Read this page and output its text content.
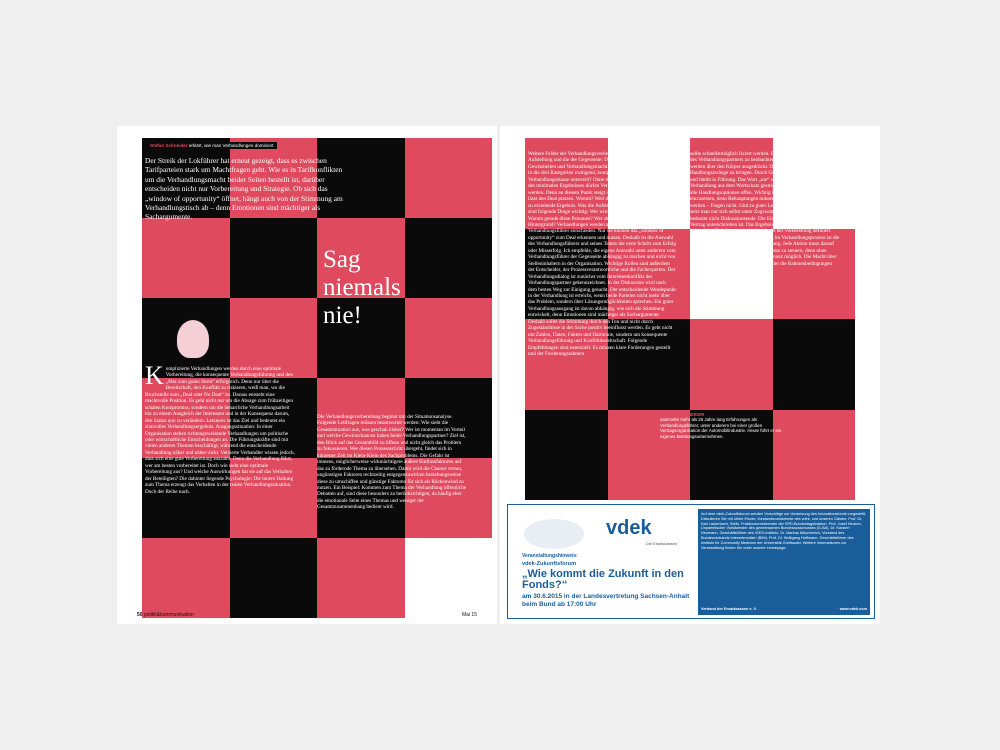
Stefan Schneider erklärt, wie man Verhandlungen dominiert
Der Streik der Lokführer hat erneut gezeigt, dass es zwischen Tarifparteien stark um Machtfragen geht. Wie es in Tarifkonflikten um die Verhandlungsmacht beider Seiten bestellt ist, darüber entscheiden nicht nur Vorbereitung und Strategie. Ob sich das „window of opportunity“ öffnet, hängt auch von der Stimmung am Verhandlungstisch ab – denn Emotionen sind mächtiger als Sachargumente.
Sag
niemals
nie!
Komplizierte Verhandlungen werden durch eine optimale Vorbereitung, die konsequente Verhandlungsführung und den „Mut zum guten Streit“ erfolgreich. Denn nur über die Bereitschaft, den Konflikt zu riskieren, weiß man, wo die Bruchstelle zum „Deal oder No Deal“ ist. Daraus entsteht eine machtvolle Position. Es geht nicht nur um die Absage zum frühzeitigen schalen Kompromiss, sondern um die beharrliche Verhandlungsarbeit hin zu einem Ausgleich der Interessen und in der Konsequenz darum, den Status quo zu verändern. Letzteres ist das Ziel und bedeutet ein sinnvolles Verhandlungsergebnis. Ausgangssituation: In einer Organisation stehen richtungsweisende Verhandlungen um politische oder wirtschaftliche Entscheidungen an. Die Führungskräfte sind mit vielen anderen Themen beschäftigt, während die entscheidende Verhandlung näher und näher rückt. Versierte Verhandler wissen jedoch, dass sich eine gute Vorbereitung auszahlt. Denn die Verhandlung führt, wer am besten vorbereitet ist. Doch wie sieht eine optimale Vorbereitung aus? Und welche Auswirkungen hat sie auf das Verhalten der Beteiligten? Die dahinter liegende Psychologie: Die innere Haltung zum Thema erzeugt das Verhalten in der realen Verhandlungssituation. Doch der Reihe nach.
Die Verhandlungsvorbereitung beginnt mit der Situationsanalyse. Folgende Leitfragen müssen beantwortet werden: Wie sieht die Gesamtsituation aus, was geschah bisher? Wer ist momentan im Vorteil und welche Gewinnchancen haben beide Verhandlungspartner? Ziel ist, den Blick auf das Gesamtbild zu öffnen und nicht gleich das Problem zu fokussieren. Wer diesen Prozessschritt übergeht, findet sich in kürzester Zeit im Klein-Klein des Sachproblems. Die Gefahr ist immens, möglicherweise wirkmächtigere äußere Einflussfaktoren auf das zu fördernde Thema zu übersehen. Damit wird die Chance vertan, ungünstigen Faktoren rechtzeitig entgegenzuwirken beziehungsweise diese zu umschiffen und günstige Faktoren für sich als Rückenwind zu nutzen. Ein Beispiel: Kommen zum Thema der Verhandlung öffentliche Debatten auf, sind diese besonders zu berücksichtigen, da häufig eher die emotionale Seite eines Themas und weniger der Gesamtzusammenhang bedient wird.
50 politik&kommunikation	Mai 15
Weitere Felder der Verhandlungsvorbereitung sind die eigene Aufstellung und die der Gegenseite: Dazu gehören Motive, Gewissheiten und Verhandlungsmacht. Sind die Forderungen klar und in die drei Kategorien zwingend, kompromissfähig und reine Verhandlungsmasse unterteilt? Ohne die Definition des maximalen und des minimalen Ergebnisses dürfen Verhandlungen nicht begonnen werden. Denn an diesem Punkt steigt der Verhandlungsführer aus und lässt den Deal platzen. Warum? Weil der Status quo besser ist als das zu erzielende Ergebnis. Was die Aufstellung der Gegenseite angeht, sind folgende Dinge wichtig: Wer wird am Verhandlungstisch sitzen? Warum gerade diese Personen? Wer sitzt (als Entscheider) im Hintergrund? Verhandlungen werden am Ende immer durch die Verhandlungsführer entschieden. Nur sie können das „window of opportunity“ zum Deal erkennen und nutzen. Deshalb ist die Auswahl des Verhandlungsführers und seines Teams der erste Schritt zum Erfolg oder Misserfolg. Ich empfehle, die eigene Auswahl unter anderem vom Verhandlungsführer der Gegenseite abhängig zu machen und nicht von Stelleninhabern in der Organisation. Wichtige Rollen sind außerdem der Entscheider, der Prozessverantwortliche und die Fachexperten. Der Verhandlungsdialog ist zunächst vom Interessenkonflikt der Verhandlungspartner gekennzeichnet. In der Diskussion wird nach dem besten Weg zur Einigung gesucht. Der entscheidende Wendepunkt in der Verhandlung ist erreicht, wenn beide Parteien nicht mehr über das Problem, sondern über Lösungsmöglichkeiten sprechen. Ein guter Verhandlungsausgang ist davon abhängig, wie sich die Stimmung entwickelt, denn Emotionen sind mächtiger als Sachargumente. Deshalb sollte die Stimmung durch den Ton und nicht durch Zugeständnisse in der Sache positiv beeinflusst werden. Es geht nicht um Zahlen, Daten, Fakten und Harmonie, sondern um konsequente Verhandlungsführung und Konfliktbereitschaft. Folgende Empfehlungen sind essenziell: Es müssen klare Forderungen gestellt und der Forderungsrahmen
sollte schnellstmöglich fixiert werden. Es ist ratsam, die Körpersprache des Verhandlungspartners zu beobachten, denn 90 Prozent der Gefühle werden über den Körper ausgedrückt. Oberstes Gebot ist, sich nicht in Handlungszwänge zu bringen. Durch Geduld schafft man Spielräume und bleibt in Führung. Das Wort „nie“ sollte während einer Verhandlung aus dem Wortschatz gestrichen werden. Nur so bleiben alle Handlungsoptionen offen. Wichtig ist auch, immer die Fragetechnik einzusetzen, denn Behauptungen müssen im Zweifelsfall begründet werden – Fragen nicht. Und zu guter Letzt: Niemals drohen, denn damit setzt man nur sich selbst unter Zugzwang. Übrigens, Verhandlungsende bedeutet nicht Diskussionsende. Die Einigung ist erst perfekt, wenn der Vertrag unterschrieben ist. Das Ergebnis muss schließlich objektiv anhand des Ziels bewertet werden, das in der Vorbereitung definiert worden ist. Fazit: Konsequente Führung im Verhandlungsprozess ist die Grundlage jeder erfolgreichen Verhandlung. Jede Aktion muss darauf ausgerichtet sein, den Verhandlungsprozess zu steuern, denn ohne Steuerung und Kontrolle ist keine Dominanz möglich. Die Macht über die Verhandlung hat folglich derjenige, der die Rahmenbedingungen bestimmt und am besten vorbereitet ist.
STEFAN SCHNEIDER
sammelte mehr als 25 Jahre lang Erfahrungen als Verhandlungsführer, unter anderem bei einer großen Vertragsorganisation der Automobilindustrie. Heute führt er ein eigenes Beratungsunternehmen.
Anzeige
vdek
Die Ersatzkassen
Veranstaltungshinweis:
vdek-Zukunftsforum
„Wie kommt die Zukunft in den Fonds?“
am 30.6.2015 in der Landesvertretung Sachsen-Anhalt beim Bund ab 17:00 Uhr
Auf dem vdek-Zukunftsforum werden Vorschläge zur Umsetzung des Innovationsfonds vorgestellt. Diskutieren Sie mit Ulrike Elsner, Vorstandsvorsitzende des vdek, und unseren Gästen: Prof. Dr. Karl Lauterbach, Stellv. Fraktionsvorsitzender der SPD-Bundestagsfraktion. Prof. Josef Hecken, Unparteiischer Vorsitzender des gemeinsamen Bundesausschusses (G-BA). Dr. Karsten Neumann, Geschäftsführer des IGES-Instituts. Dr. Markus Müschenich, Vorstand des Bundesverbands Internetmedizin (BIM). Prof. Dr. Wolfgang Hoffmann, Geschäftsführer des Instituts für Community Medicine der Universität Greifswald. Weitere Informationen zur Veranstaltung finden Sie unter unserer Homepage.
Verband der Ersatzkassen e. V.	www.vdek.com
